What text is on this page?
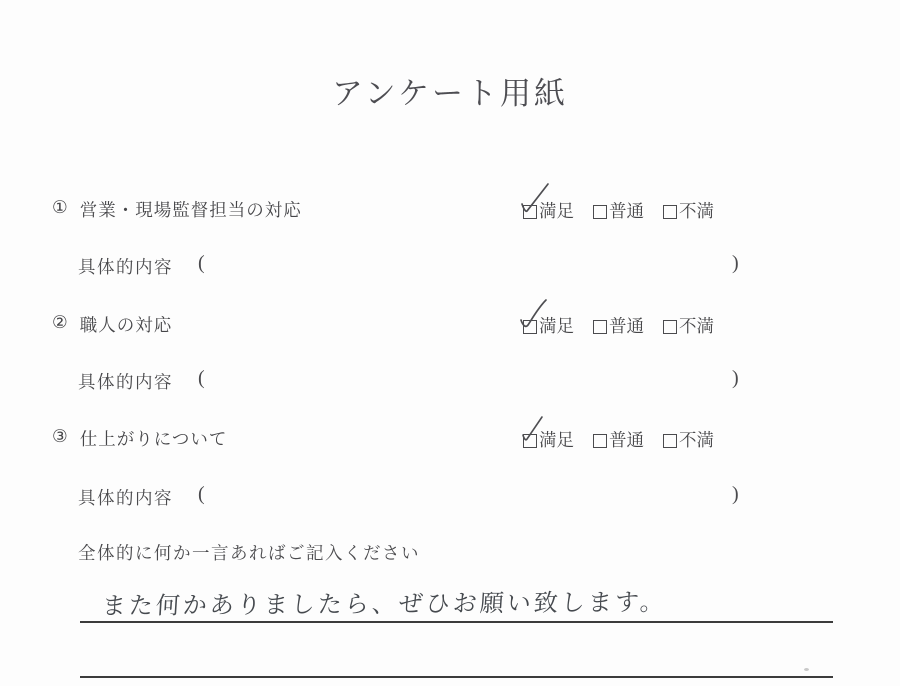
アンケート用紙
① 営業・現場監督担当の対応	満足 普通 不満
具体的内容 (	)
② 職人の対応	満足 普通 不満
具体的内容 (	)
③ 仕上がりについて	満足 普通 不満
具体的内容 (	)
全体的に何か一言あればご記入ください
また何かありましたら、ぜひお願い致します。
